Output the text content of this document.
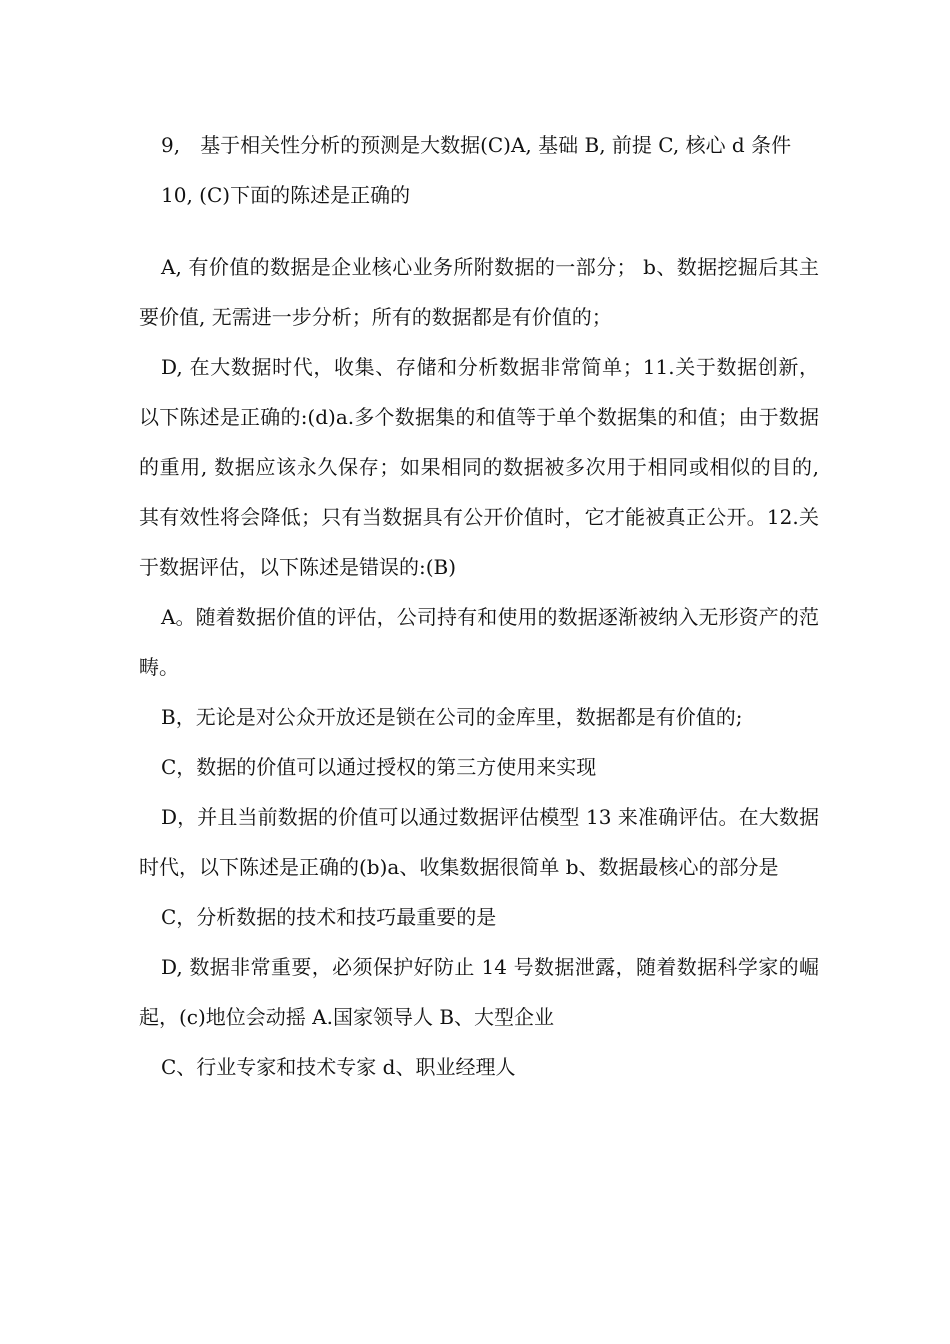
9,　基于相关性分析的预测是大数据(C)A, 基础 B, 前提 C, 核心 d 条件

10, (C)下面的陈述是正确的

A, 有价值的数据是企业核心业务所附数据的一部分； b、数据挖掘后其主要价值, 无需进一步分析；所有的数据都是有价值的；

D, 在大数据时代，收集、存储和分析数据非常简单；11.关于数据创新，以下陈述是正确的:(d)a.多个数据集的和值等于单个数据集的和值；由于数据的重用, 数据应该永久保存；如果相同的数据被多次用于相同或相似的目的, 其有效性将会降低；只有当数据具有公开价值时，它才能被真正公开。12.关于数据评估，以下陈述是错误的:(B)

A。随着数据价值的评估，公司持有和使用的数据逐渐被纳入无形资产的范畴。

B，无论是对公众开放还是锁在公司的金库里，数据都是有价值的;

C，数据的价值可以通过授权的第三方使用来实现

D，并且当前数据的价值可以通过数据评估模型 13 来准确评估。在大数据时代，以下陈述是正确的(b)a、收集数据很简单 b、数据最核心的部分是

C，分析数据的技术和技巧最重要的是

D, 数据非常重要，必须保护好防止 14 号数据泄露，随着数据科学家的崛起，(c)地位会动摇 A.国家领导人 B、大型企业

C、行业专家和技术专家 d、职业经理人
